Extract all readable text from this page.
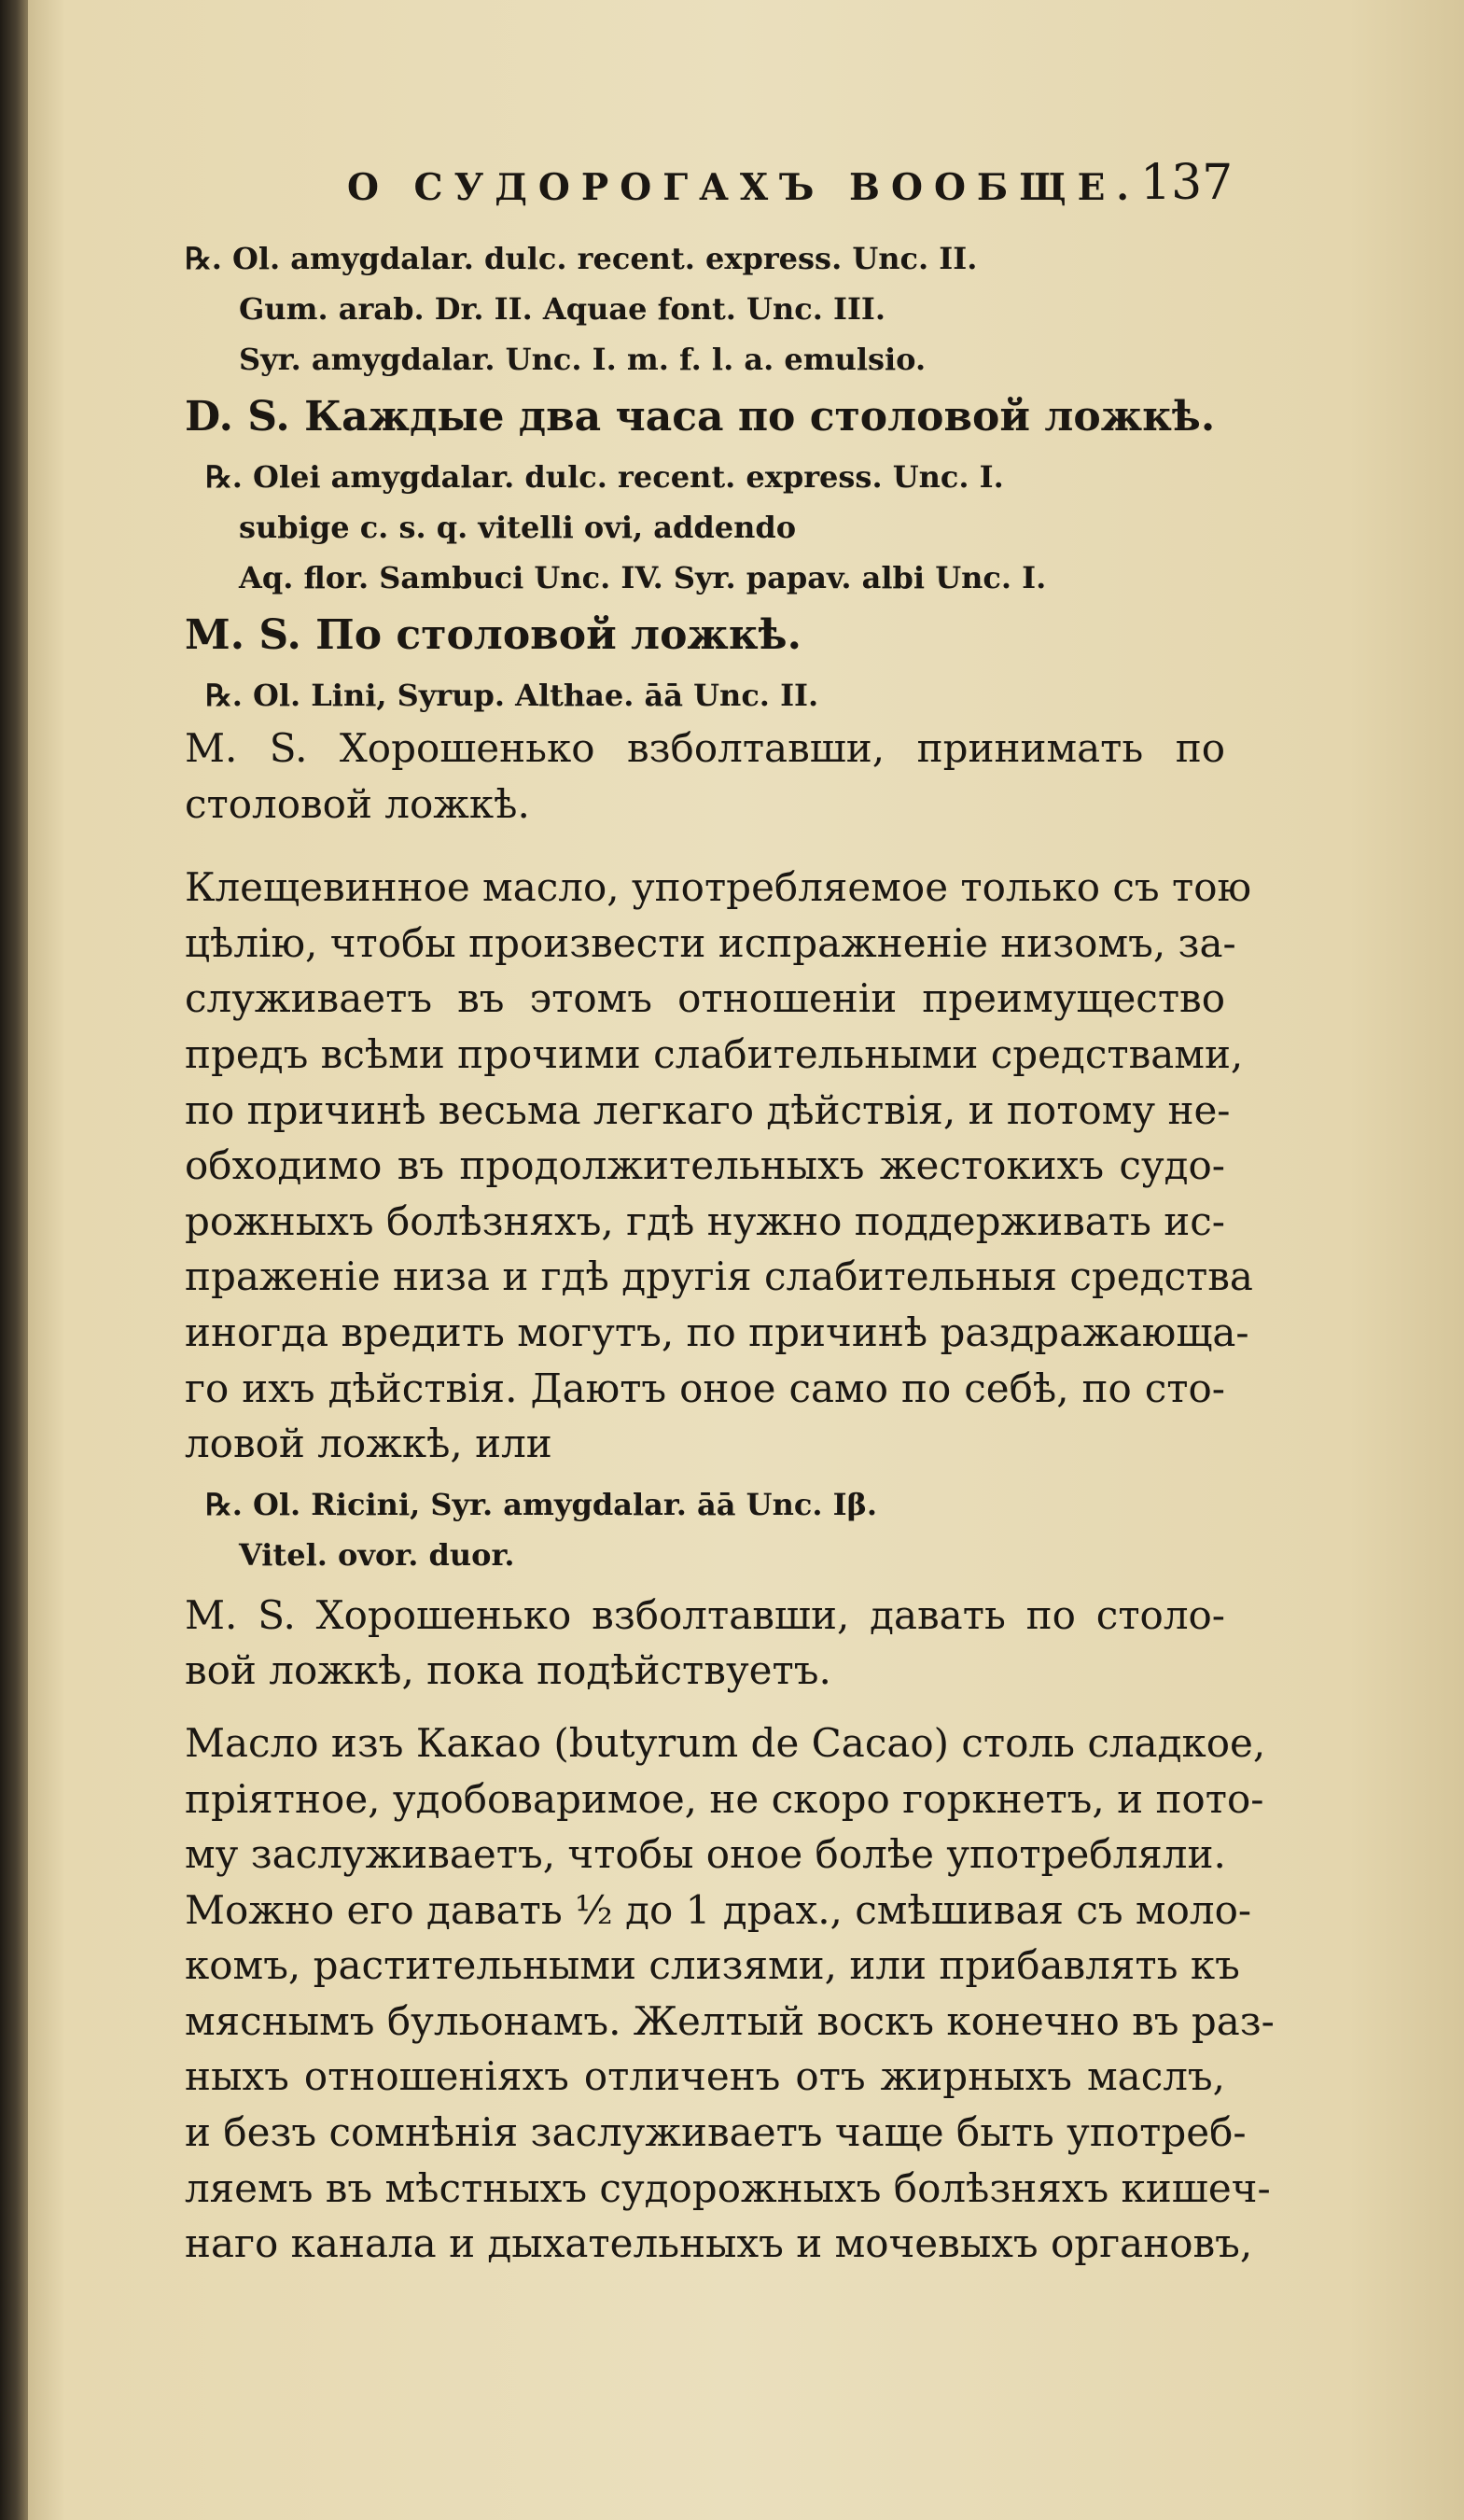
О СУДОРОГАХЪ ВООБЩЕ. 137
℞. Ol. amygdalar. dulc. recent. express. Unc. II.
Gum. arab. Dr. II. Aquae font. Unc. III.
Syr. amygdalar. Unc. I. m. f. l. a. emulsio.
D. S. Каждые два часа по столовой ложкѣ.
℞. Olei amygdalar. dulc. recent. express. Unc. I.
subige c. s. q. vitelli ovi, addendo
Aq. flor. Sambuci Unc. IV. Syr. papav. albi Unc. I.
M. S. По столовой ложкѣ.
℞. Ol. Lini, Syrup. Althae. āā Unc. II.
M. S. Хорошенько взболтавши, принимать по
столовой ложкѣ.
Клещевинное масло, употребляемое только съ тою
цѣлію, чтобы произвести испражненіе низомъ, за-
служиваетъ въ этомъ отношеніи преимущество
предъ всѣми прочими слабительными средствами,
по причинѣ весьма легкаго дѣйствія, и потому не-
обходимо въ продолжительныхъ жестокихъ судо-
рожныхъ болѣзняхъ, гдѣ нужно поддерживать ис-
праженіе низа и гдѣ другія слабительныя средства
иногда вредить могутъ, по причинѣ раздражающа-
го ихъ дѣйствія. Даютъ оное само по себѣ, по сто-
ловой ложкѣ, или
℞. Ol. Ricini, Syr. amygdalar. āā Unc. Iβ.
Vitel. ovor. duor.
M. S. Хорошенько взболтавши, давать по столо-
вой ложкѣ, пока подѣйствуетъ.
Масло изъ Какао (butyrum de Cacao) столь сладкое,
пріятное, удобоваримое, не скоро горкнетъ, и пото-
му заслуживаетъ, чтобы оное болѣе употребляли.
Можно его давать ½ до 1 драх., смѣшивая съ моло-
комъ, растительными слизями, или прибавлять къ
мяснымъ бульонамъ. Желтый воскъ конечно въ раз-
ныхъ отношеніяхъ отличенъ отъ жирныхъ маслъ,
и безъ сомнѣнія заслуживаетъ чаще быть употреб-
ляемъ въ мѣстныхъ судорожныхъ болѣзняхъ кишеч-
наго канала и дыхательныхъ и мочевыхъ органовъ,
